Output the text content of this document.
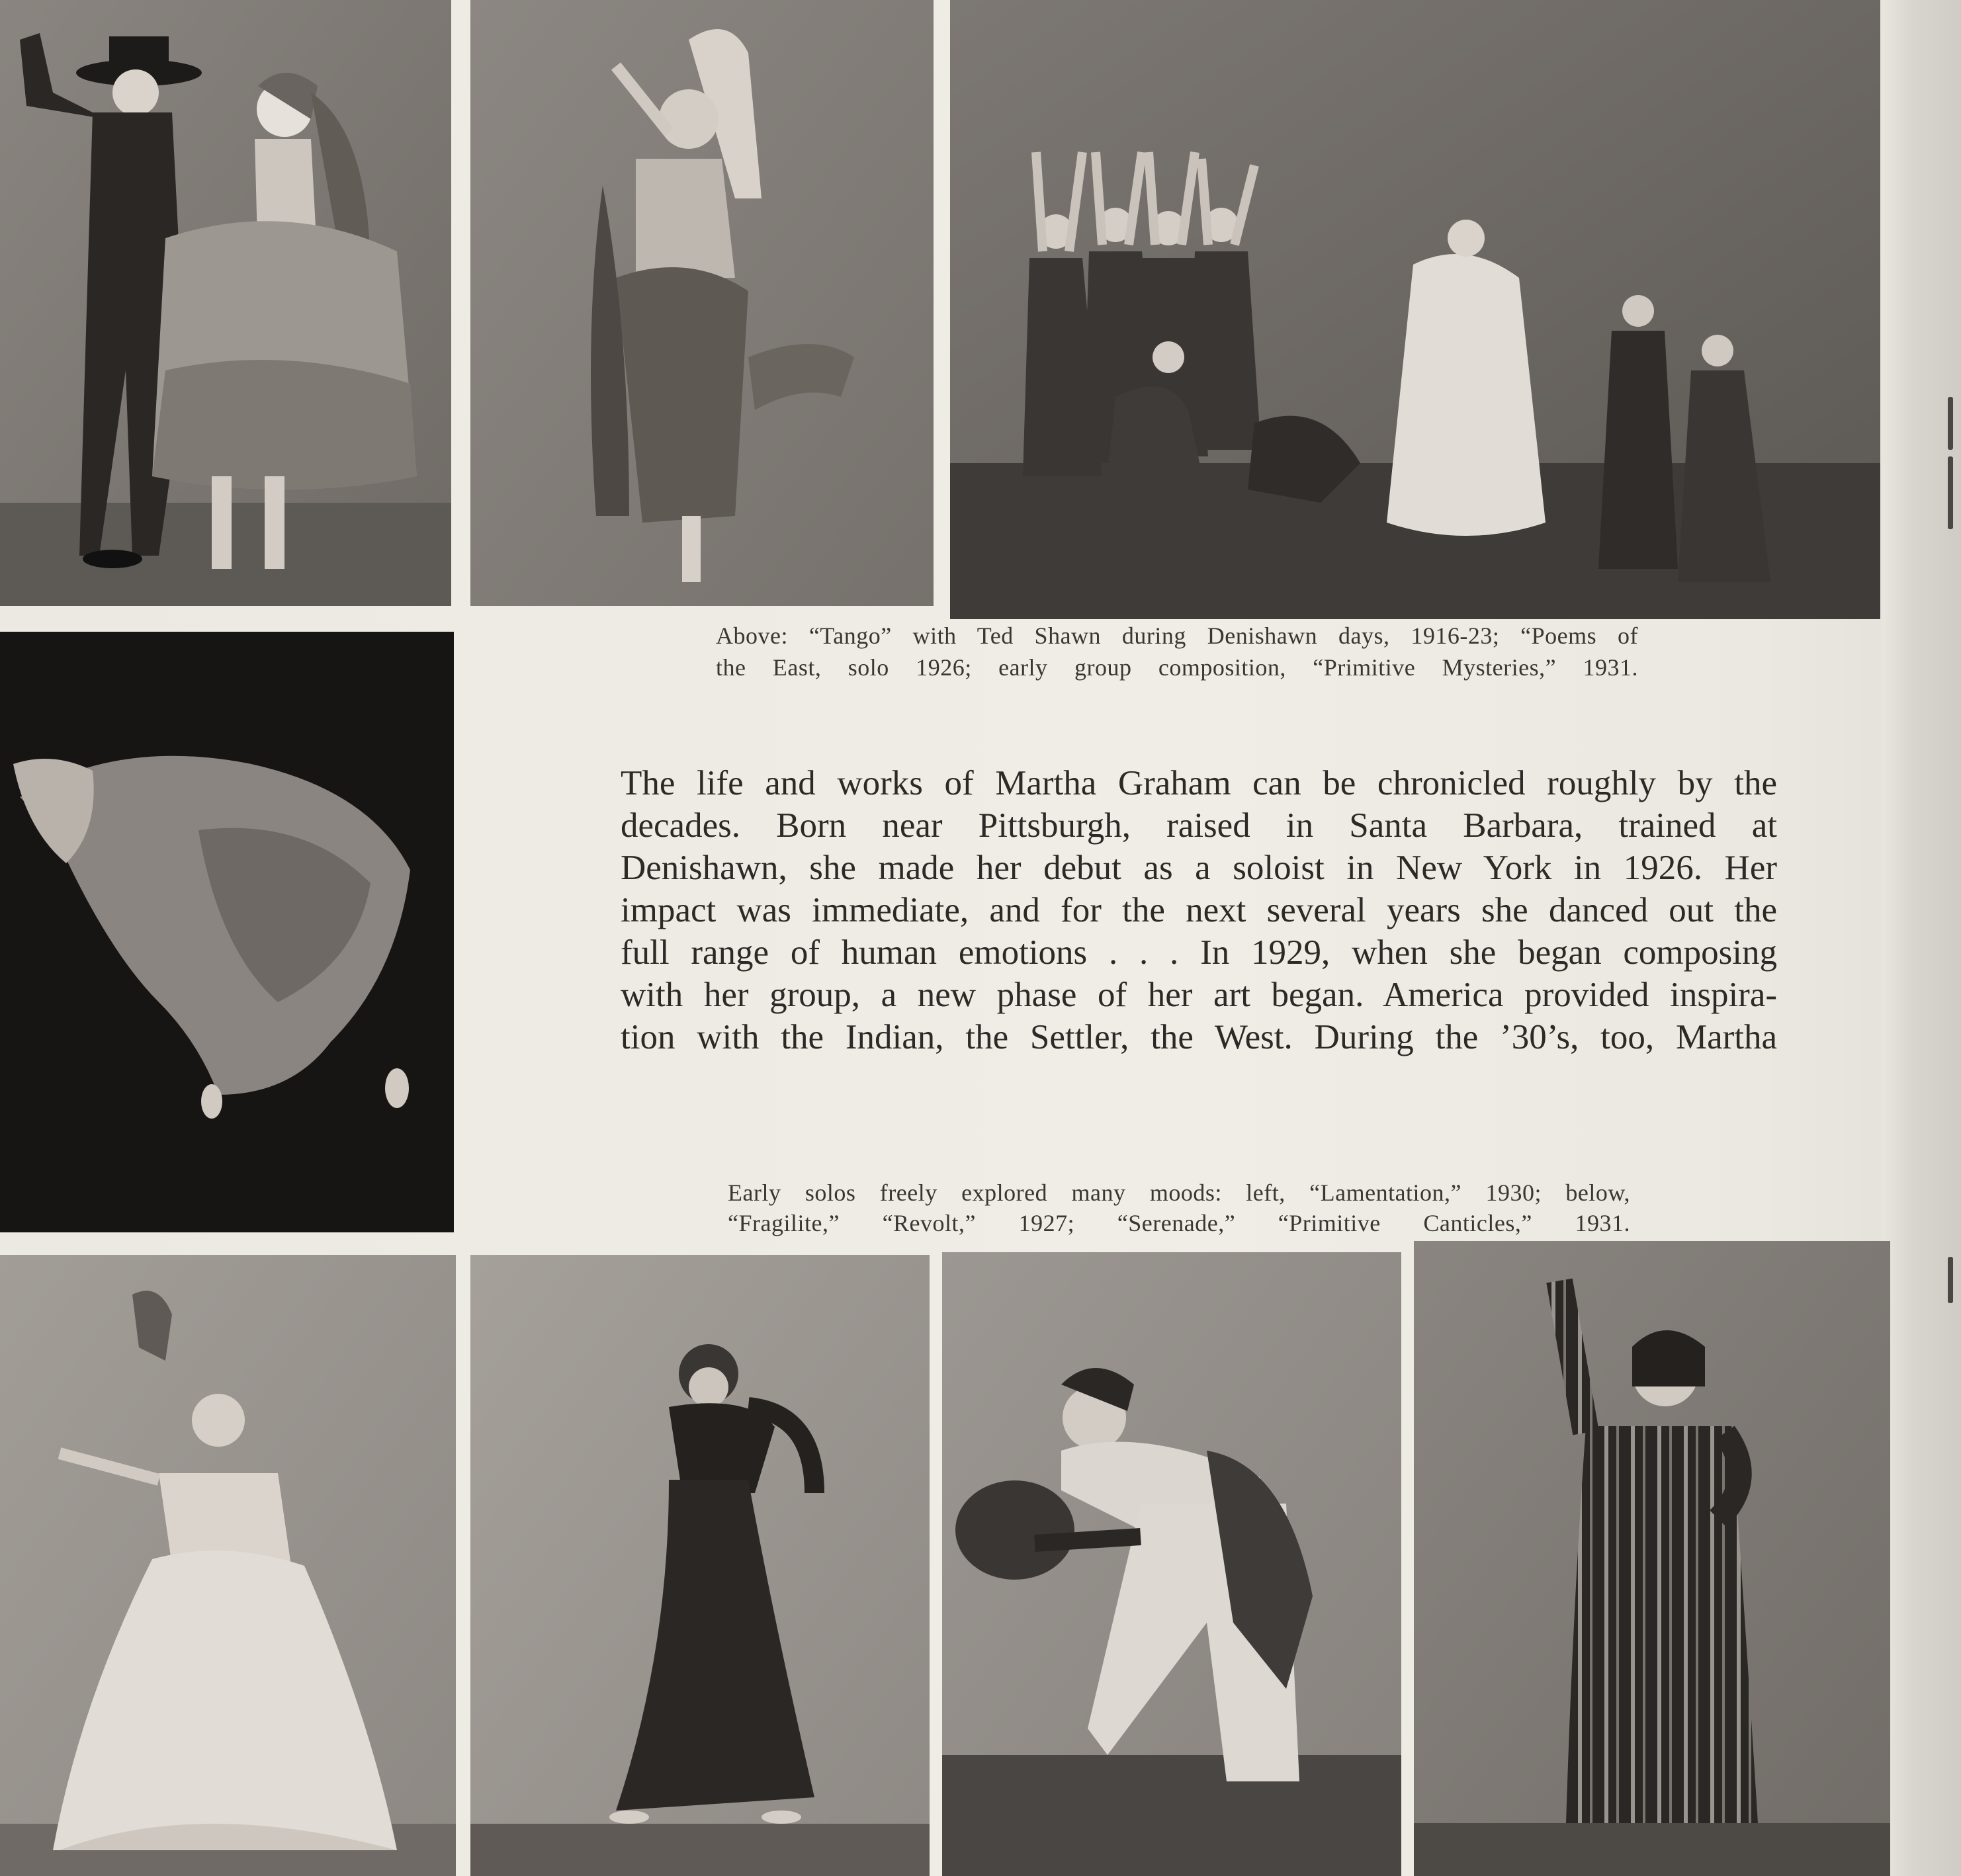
Above: “Tango” with Ted Shawn during Denishawn days, 1916-23; “Poems of

the East, solo 1926; early group composition, “Primitive Mysteries,” 1931.

The life and works of Martha Graham can be chronicled roughly by the

decades. Born near Pittsburgh, raised in Santa Barbara, trained at

Denishawn, she made her debut as a soloist in New York in 1926. Her

impact was immediate, and for the next several years she danced out the

full range of human emotions . . . In 1929, when she began composing

with her group, a new phase of her art began. America provided inspira-

tion with the Indian, the Settler, the West. During the ’30’s, too, Martha

Early solos freely explored many moods: left, “Lamentation,” 1930; below,

“Fragilite,” “Revolt,” 1927; “Serenade,” “Primitive Canticles,” 1931.
